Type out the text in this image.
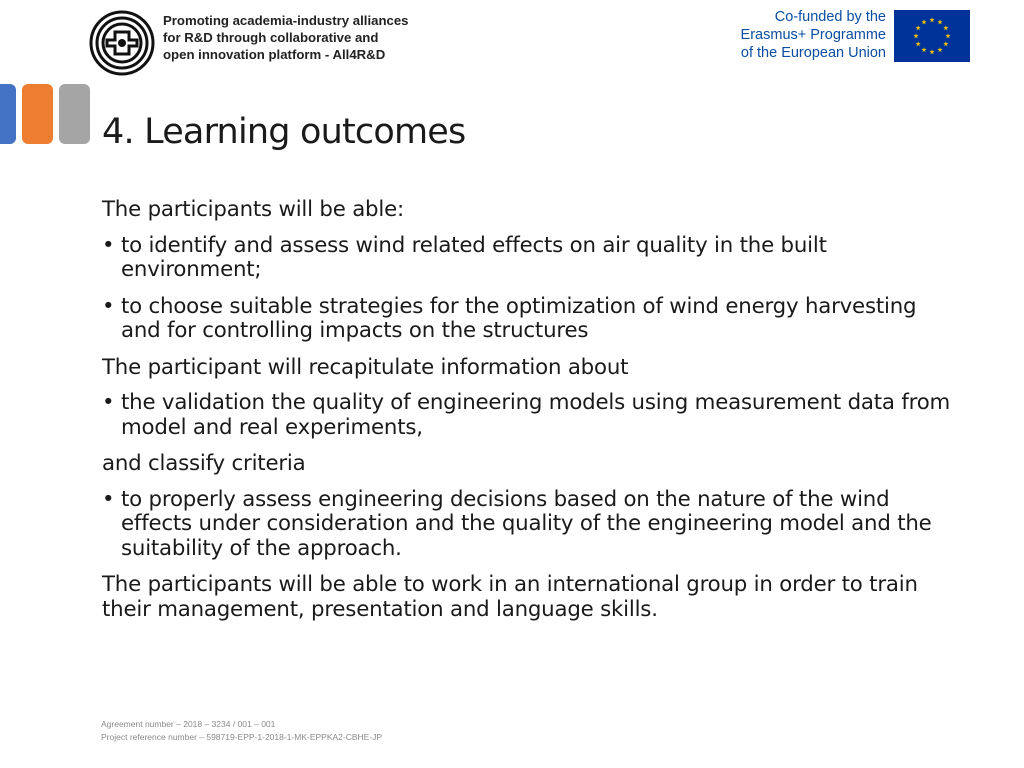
Promoting academia-industry alliances
for R&D through collaborative and
open innovation platform - All4R&D
Co-funded by the
Erasmus+ Programme
of the European Union
4. Learning outcomes

The participants will be able:

• to identify and assess wind related effects on air quality in the built environment;
• to choose suitable strategies for the optimization of wind energy harvesting and for controlling impacts on the structures

The participant will recapitulate information about

• the validation the quality of engineering models using measurement data from model and real experiments,

and classify criteria

• to properly assess engineering decisions based on the nature of the wind effects under consideration and the quality of the engineering model and the suitability of the approach.

The participants will be able to work in an international group in order to train their management, presentation and language skills.

Agreement number – 2018 – 3234 / 001 – 001
Project reference number – 598719-EPP-1-2018-1-MK-EPPKA2-CBHE-JP
